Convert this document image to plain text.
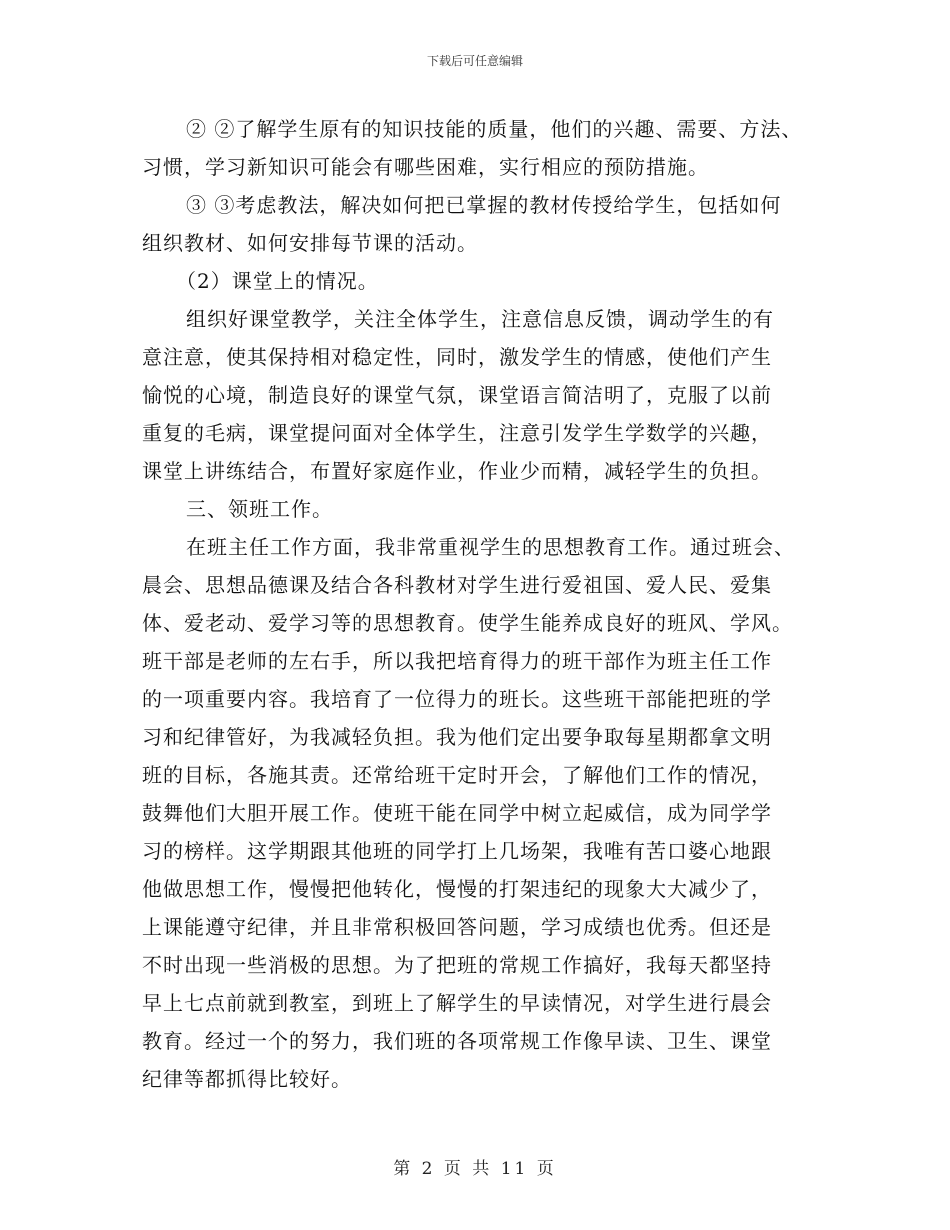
下载后可任意编辑
② ②了解学生原有的知识技能的质量，他们的兴趣、需要、方法、
习惯，学习新知识可能会有哪些困难，实行相应的预防措施。
③ ③考虑教法，解决如何把已掌握的教材传授给学生，包括如何
组织教材、如何安排每节课的活动。
（2）课堂上的情况。
组织好课堂教学，关注全体学生，注意信息反馈，调动学生的有
意注意，使其保持相对稳定性，同时，激发学生的情感，使他们产生
愉悦的心境，制造良好的课堂气氛，课堂语言简洁明了，克服了以前
重复的毛病，课堂提问面对全体学生，注意引发学生学数学的兴趣，
课堂上讲练结合，布置好家庭作业，作业少而精，减轻学生的负担。
三、领班工作。
在班主任工作方面，我非常重视学生的思想教育工作。通过班会、
晨会、思想品德课及结合各科教材对学生进行爱祖国、爱人民、爱集
体、爱老动、爱学习等的思想教育。使学生能养成良好的班风、学风。
班干部是老师的左右手，所以我把培育得力的班干部作为班主任工作
的一项重要内容。我培育了一位得力的班长。这些班干部能把班的学
习和纪律管好，为我减轻负担。我为他们定出要争取每星期都拿文明
班的目标，各施其责。还常给班干定时开会，了解他们工作的情况，
鼓舞他们大胆开展工作。使班干能在同学中树立起威信，成为同学学
习的榜样。这学期跟其他班的同学打上几场架，我唯有苦口婆心地跟
他做思想工作，慢慢把他转化，慢慢的打架违纪的现象大大减少了，
上课能遵守纪律，并且非常积极回答问题，学习成绩也优秀。但还是
不时出现一些消极的思想。为了把班的常规工作搞好，我每天都坚持
早上七点前就到教室，到班上了解学生的早读情况，对学生进行晨会
教育。经过一个的努力，我们班的各项常规工作像早读、卫生、课堂
纪律等都抓得比较好。
第 2 页 共 11 页
